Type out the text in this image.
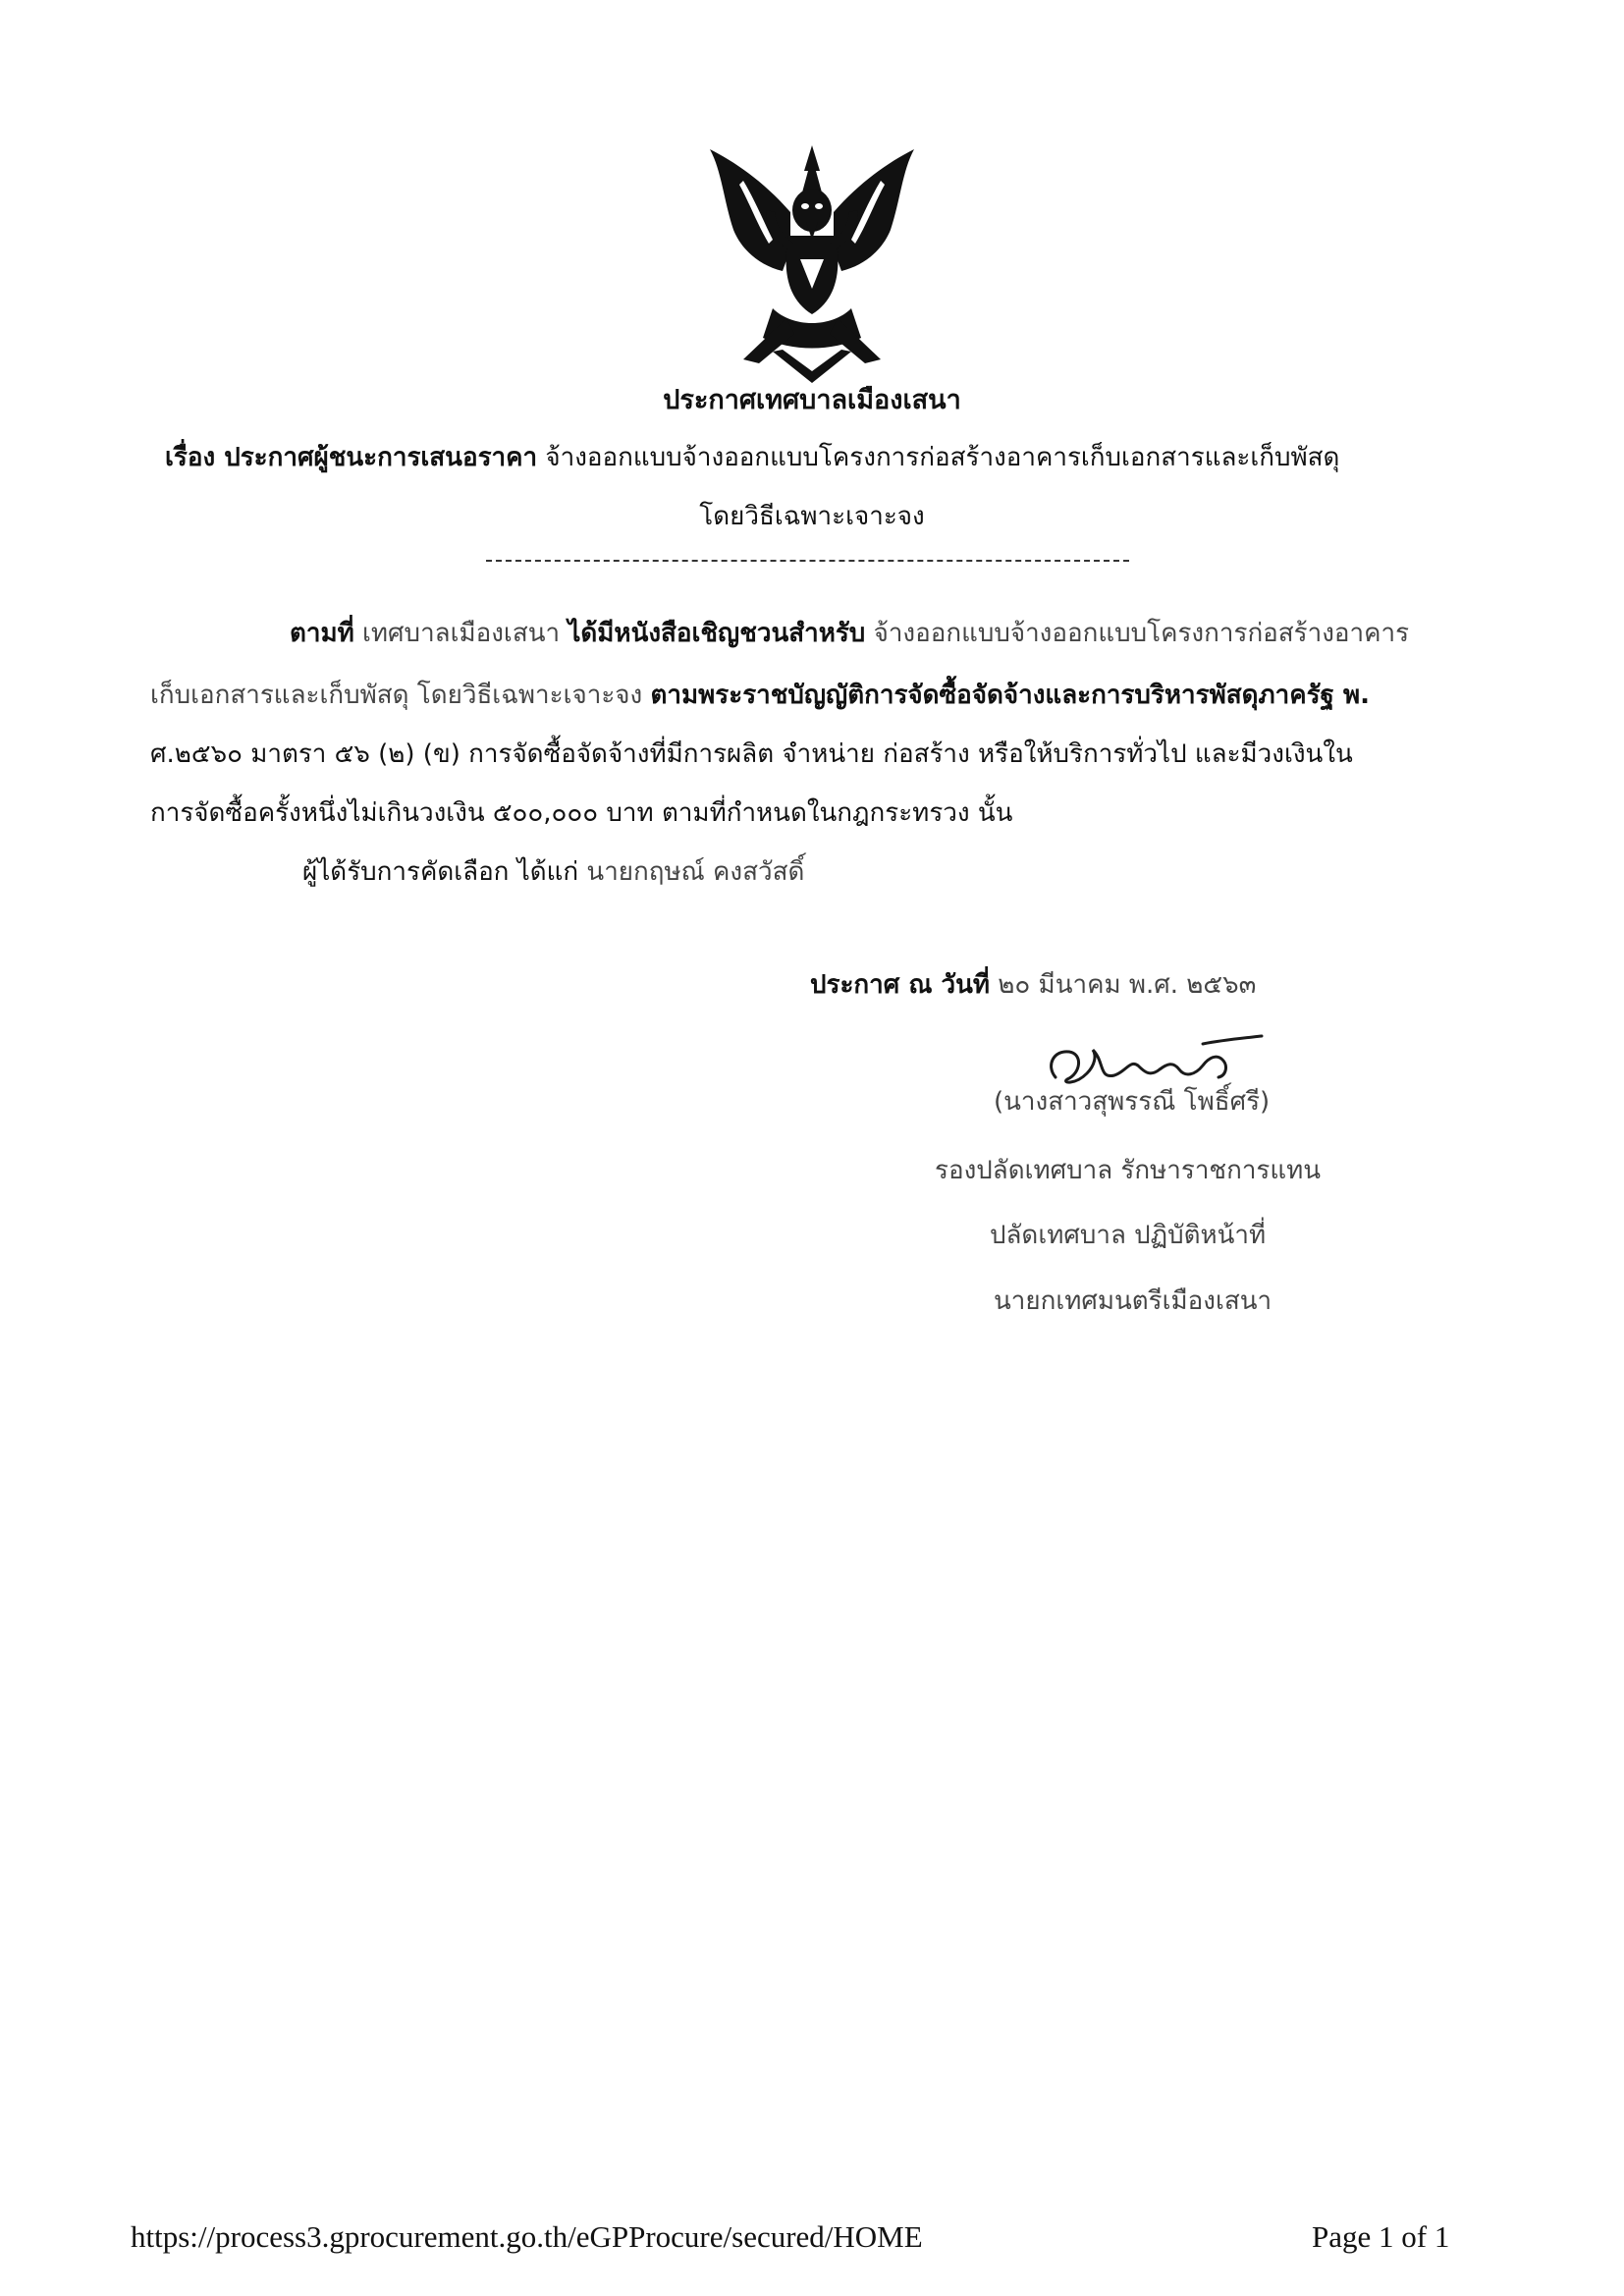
ประกาศเทศบาลเมืองเสนา
เรื่อง ประกาศผู้ชนะการเสนอราคา จ้างออกแบบจ้างออกแบบโครงการก่อสร้างอาคารเก็บเอกสารและเก็บพัสดุ
โดยวิธีเฉพาะเจาะจง
ตามที่ เทศบาลเมืองเสนา ได้มีหนังสือเชิญชวนสำหรับ จ้างออกแบบจ้างออกแบบโครงการก่อสร้างอาคาร
เก็บเอกสารและเก็บพัสดุ โดยวิธีเฉพาะเจาะจง ตามพระราชบัญญัติการจัดซื้อจัดจ้างและการบริหารพัสดุภาครัฐ พ.
ศ.๒๕๖๐ มาตรา ๕๖ (๒) (ข) การจัดซื้อจัดจ้างที่มีการผลิต จำหน่าย ก่อสร้าง หรือให้บริการทั่วไป และมีวงเงินใน
การจัดซื้อครั้งหนึ่งไม่เกินวงเงิน ๕๐๐,๐๐๐ บาท ตามที่กำหนดในกฎกระทรวง นั้น
ผู้ได้รับการคัดเลือก ได้แก่ นายกฤษณ์ คงสวัสดิ์
ประกาศ ณ วันที่ ๒๐ มีนาคม พ.ศ. ๒๕๖๓
(นางสาวสุพรรณี โพธิ์ศรี)
รองปลัดเทศบาล รักษาราชการแทน
ปลัดเทศบาล ปฏิบัติหน้าที่
นายกเทศมนตรีเมืองเสนา
https://process3.gprocurement.go.th/eGPProcure/secured/HOME	Page 1 of 1
